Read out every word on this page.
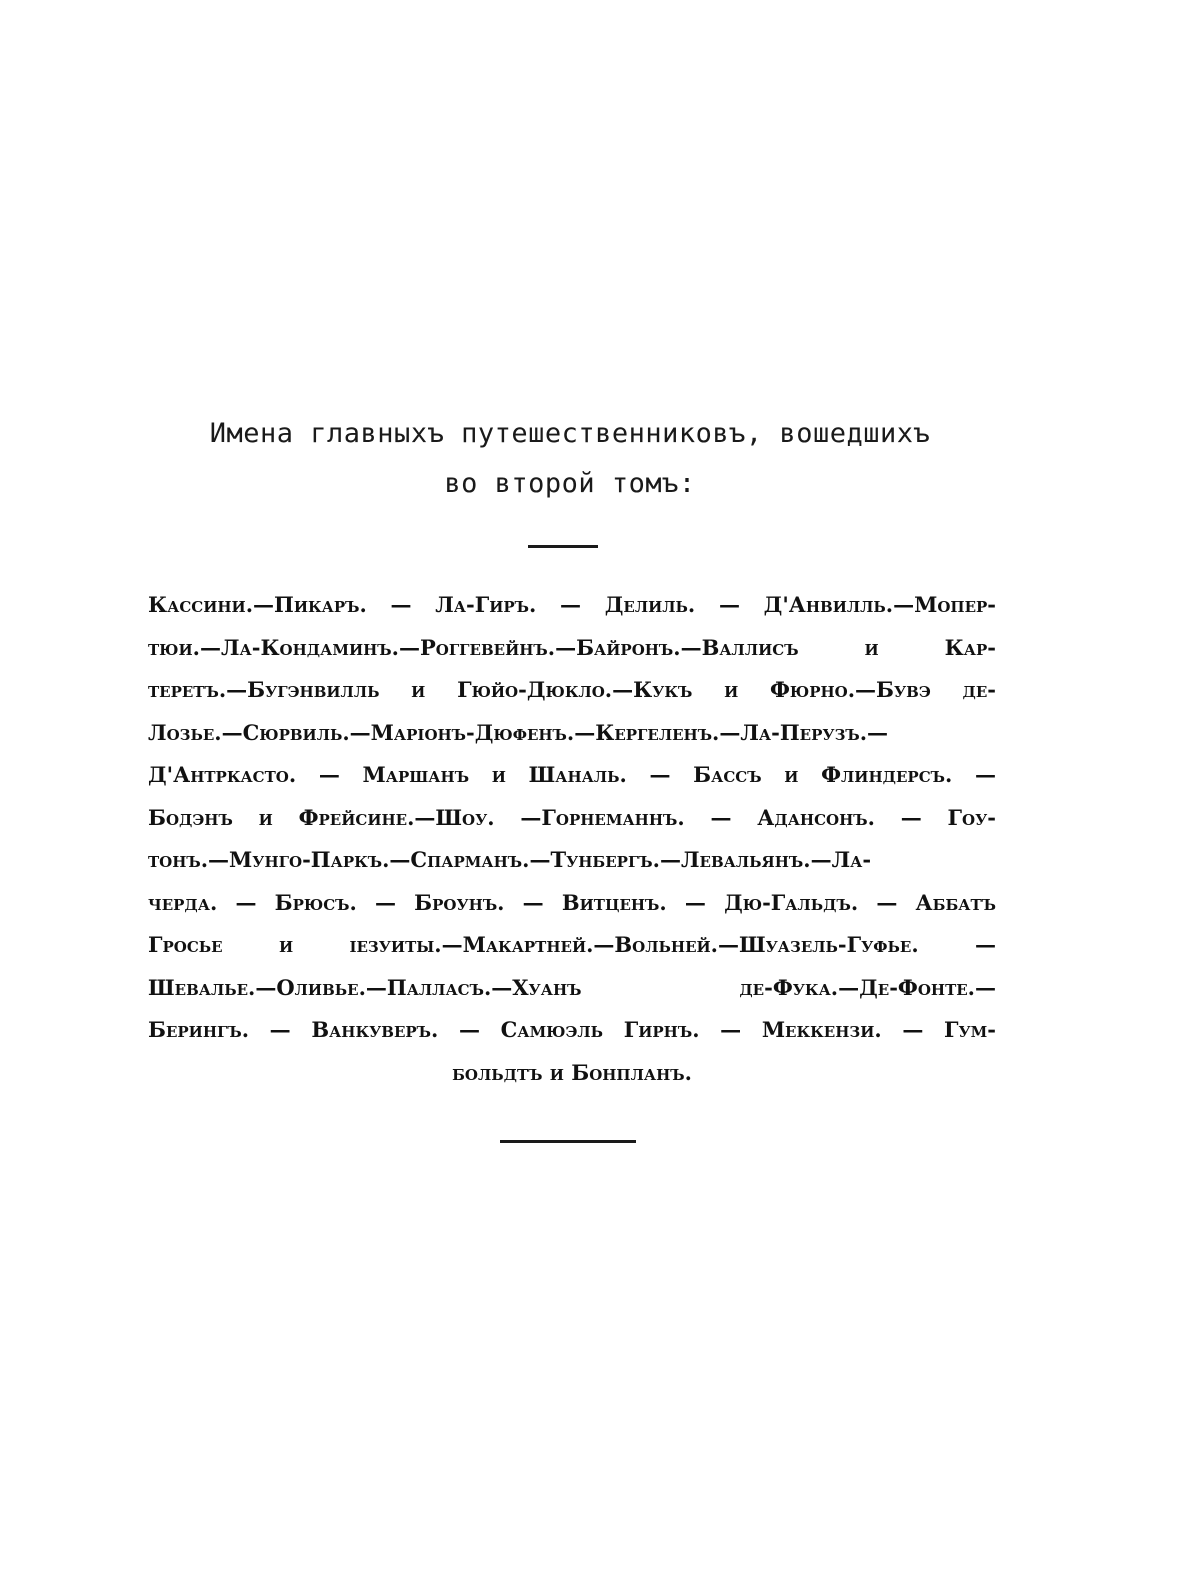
Имена главныхъ путешественниковъ, вошедшихъ

во второй томъ:

Кассини.—Пикаръ. — Ла-Гиръ. — Делиль. — Д'Анвилль.—Мопер-
тюи.—Ла-Кондаминъ.—Роггевейнъ.—Байронъ.—Валлисъ и Кар-
теретъ.—Бугэнвилль и Гюйо-Дюкло.—Кукъ и Фюрно.—Бувэ де-
Лозье.—Сюрвиль.—Марiонъ-Дюфенъ.—Кергеленъ.—Ла-Перузъ.—
Д'Антркасто. — Маршанъ и Шаналь. — Бассъ и Флиндерсъ. —
Бодэнъ и Фрейсине.—Шоу. —Горнеманнъ. — Адансонъ. — Гоу-
тонъ.—Мунго-Паркъ.—Спарманъ.—Тунбергъ.—Левальянъ.—Ла-
черда. — Брюсъ. — Броунъ. — Витценъ. — Дю-Гальдъ. — Аббатъ
Гросье и iезуиты.—Макартней.—Вольней.—Шуазель-Гуфье. —
Шевалье.—Оливье.—Палласъ.—Хуанъ де-Фука.—Де-Фонте.—
Берингъ. — Ванкуверъ. — Самюэль Гирнъ. — Меккензи. — Гум-
больдтъ и Бонпланъ.
